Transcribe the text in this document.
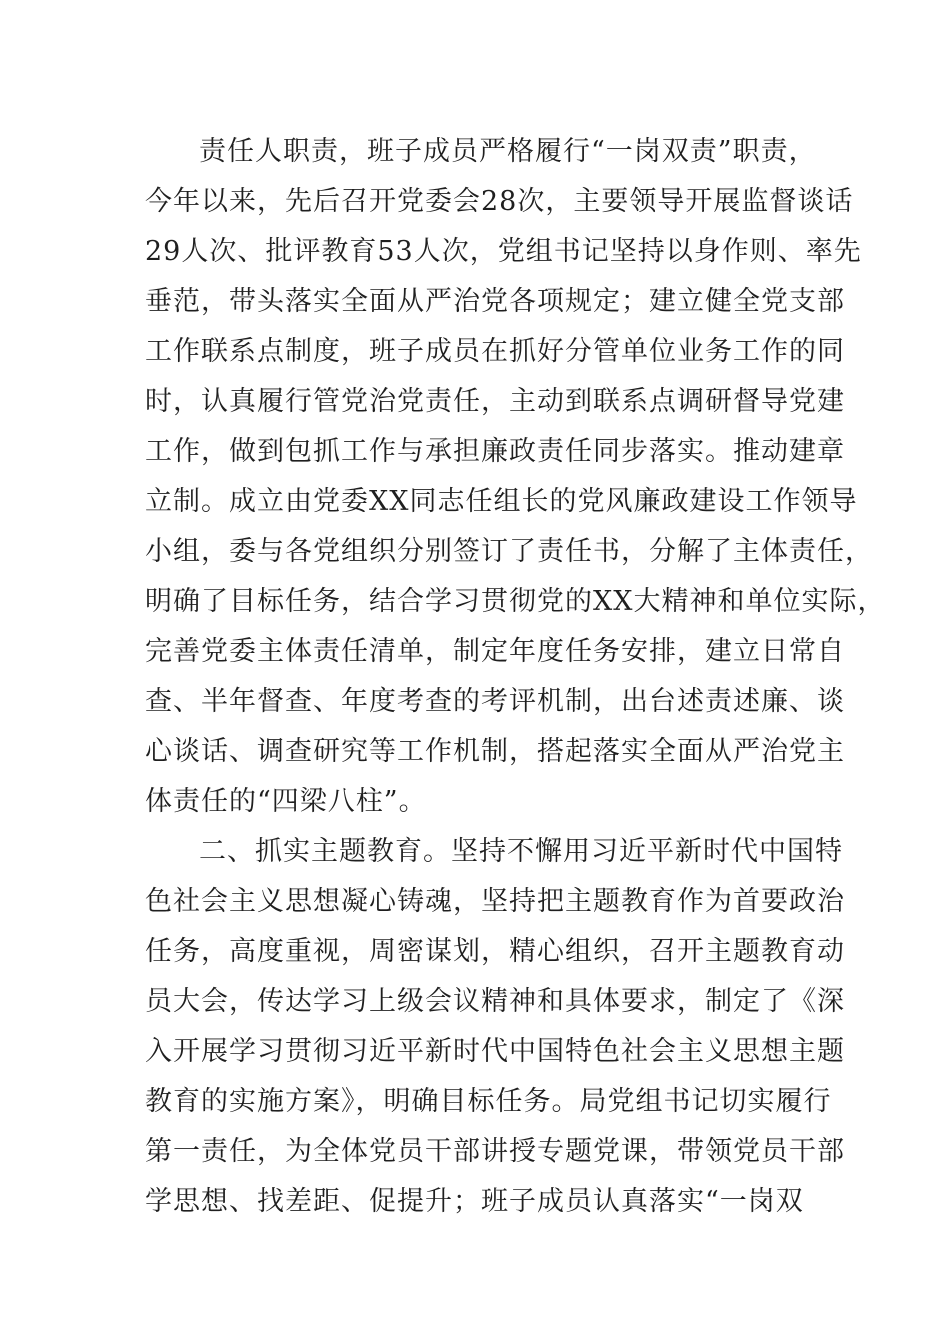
责任人职责，班子成员严格履行“一岗双责”职责，
今年以来，先后召开党委会28次，主要领导开展监督谈话
29人次、批评教育53人次，党组书记坚持以身作则、率先
垂范，带头落实全面从严治党各项规定；建立健全党支部
工作联系点制度，班子成员在抓好分管单位业务工作的同
时，认真履行管党治党责任，主动到联系点调研督导党建
工作，做到包抓工作与承担廉政责任同步落实。推动建章
立制。成立由党委XX同志任组长的党风廉政建设工作领导
小组，委与各党组织分别签订了责任书，分解了主体责任，
明确了目标任务，结合学习贯彻党的XX大精神和单位实际，
完善党委主体责任清单，制定年度任务安排，建立日常自
查、半年督查、年度考查的考评机制，出台述责述廉、谈
心谈话、调查研究等工作机制，搭起落实全面从严治党主
体责任的“四梁八柱”。
二、抓实主题教育。坚持不懈用习近平新时代中国特
色社会主义思想凝心铸魂，坚持把主题教育作为首要政治
任务，高度重视，周密谋划，精心组织，召开主题教育动
员大会，传达学习上级会议精神和具体要求，制定了《深
入开展学习贯彻习近平新时代中国特色社会主义思想主题
教育的实施方案》，明确目标任务。局党组书记切实履行
第一责任，为全体党员干部讲授专题党课，带领党员干部
学思想、找差距、促提升；班子成员认真落实“一岗双
